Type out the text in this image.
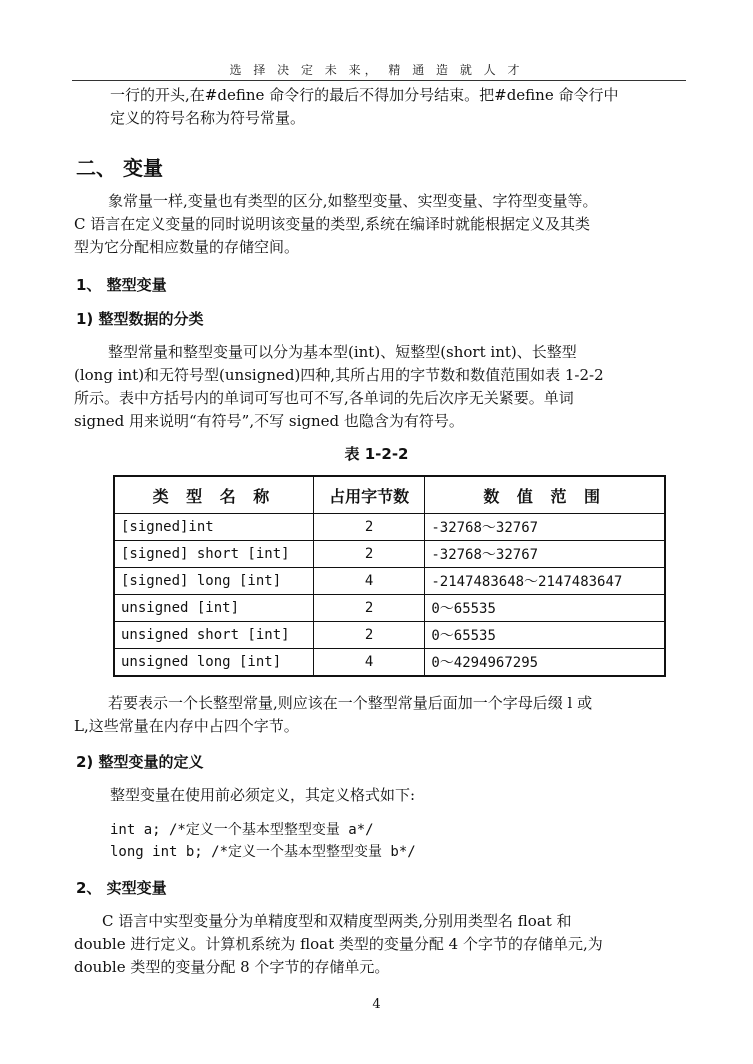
选 择 决 定 未 来， 精 通 造 就 人 才
一行的开头,在#define 命令行的最后不得加分号结束。把#define 命令行中
定义的符号名称为符号常量。
二、 变量
象常量一样,变量也有类型的区分,如整型变量、实型变量、字符型变量等。
C 语言在定义变量的同时说明该变量的类型,系统在编译时就能根据定义及其类
型为它分配相应数量的存储空间。
1、 整型变量
1) 整型数据的分类
整型常量和整型变量可以分为基本型(int)、短整型(short int)、长整型
(long int)和无符号型(unsigned)四种,其所占用的字节数和数值范围如表 1-2-2
所示。表中方括号内的单词可写也可不写,各单词的先后次序无关紧要。单词
signed 用来说明“有符号”,不写 signed 也隐含为有符号。
表 1-2-2
类 型 名 称	占用字节数	数 值 范 围
[signed]int	2	-32768～32767
[signed] short [int]	2	-32768～32767
[signed] long [int]	4	-2147483648～2147483647
unsigned [int]	2	0～65535
unsigned short [int]	2	0～65535
unsigned long [int]	4	0～4294967295
若要表示一个长整型常量,则应该在一个整型常量后面加一个字母后缀 l 或
L,这些常量在内存中占四个字节。
2) 整型变量的定义
整型变量在使用前必须定义，其定义格式如下:
int a; /*定义一个基本型整型变量 a*/
long int b; /*定义一个基本型整型变量 b*/
2、 实型变量
C 语言中实型变量分为单精度型和双精度型两类,分别用类型名 float 和
double 进行定义。计算机系统为 float 类型的变量分配 4 个字节的存储单元,为
double 类型的变量分配 8 个字节的存储单元。
4
